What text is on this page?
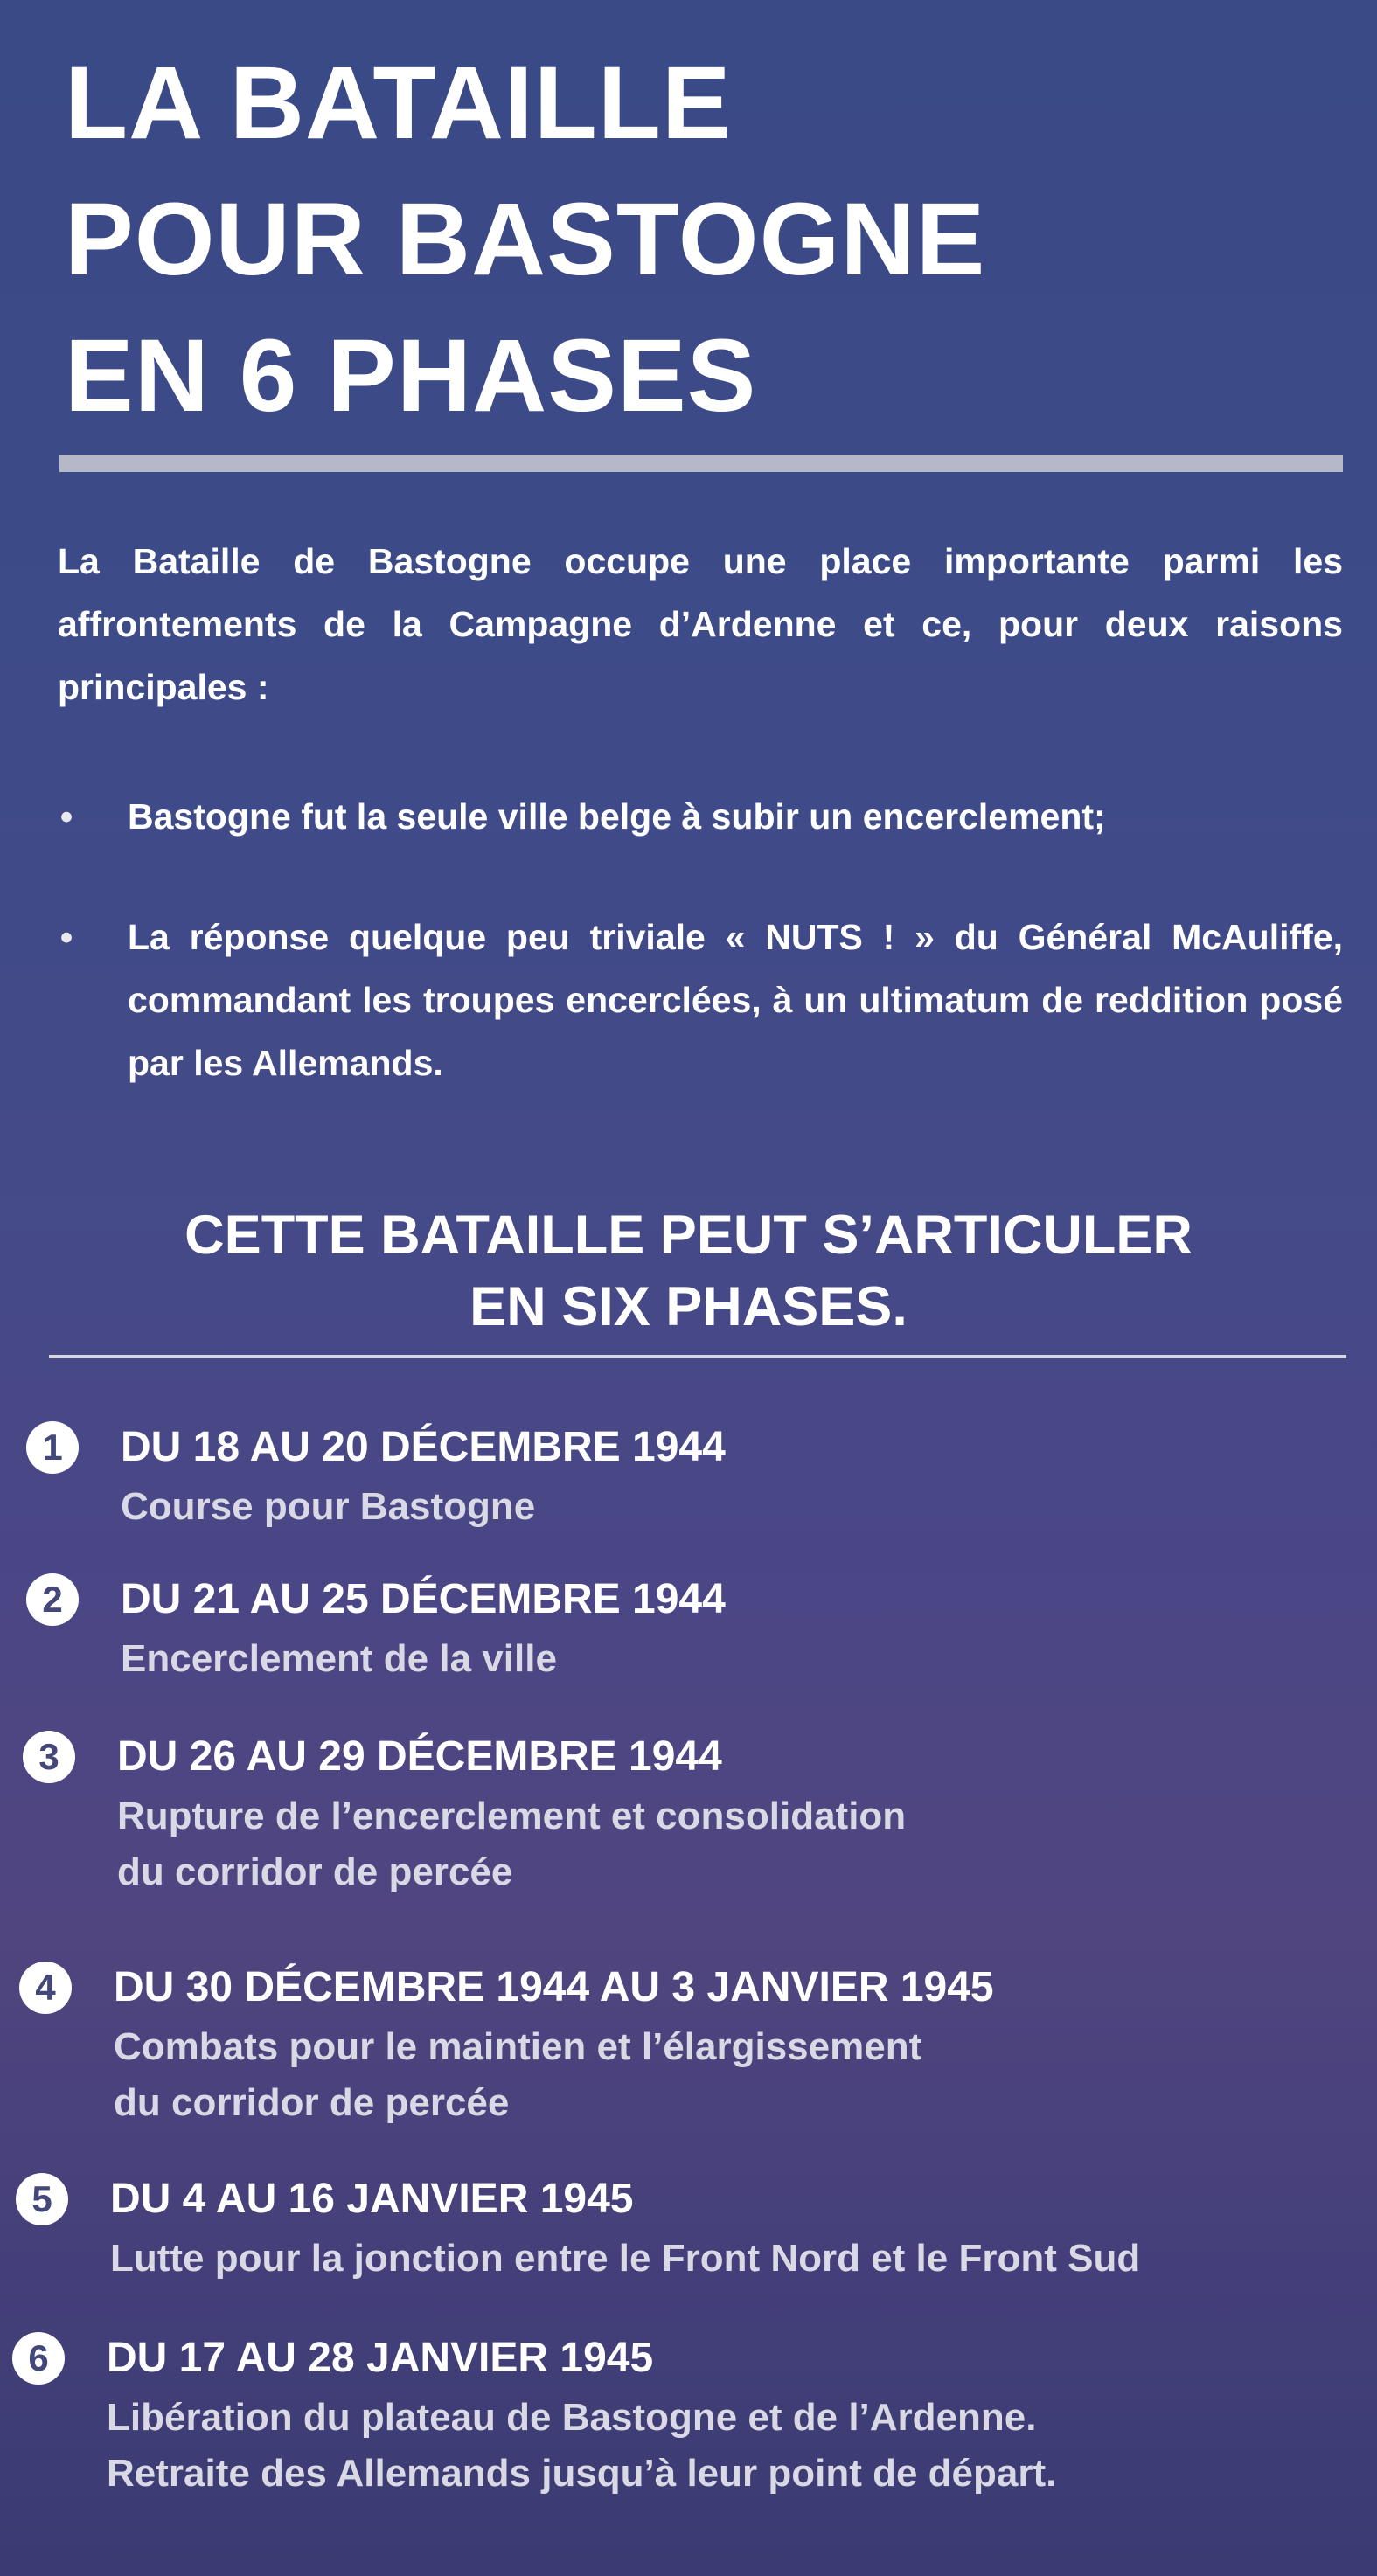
LA BATAILLE
POUR BASTOGNE
EN 6 PHASES

La Bataille de Bastogne occupe une place importante parmi les affrontements de la Campagne d’Ardenne et ce, pour deux raisons principales :

• Bastogne fut la seule ville belge à subir un encerclement;
• La réponse quelque peu triviale « NUTS ! » du Général McAuliffe, commandant les troupes encerclées, à un ultimatum de reddition posé par les Allemands.
CETTE BATAILLE PEUT S’ARTICULER
EN SIX PHASES.
1	DU 18 AU 20 DÉCEMBRE 1944
Course pour Bastogne
2	DU 21 AU 25 DÉCEMBRE 1944
Encerclement de la ville
3	DU 26 AU 29 DÉCEMBRE 1944
Rupture de l’encerclement et consolidation
du corridor de percée
4	DU 30 DÉCEMBRE 1944 AU 3 JANVIER 1945
Combats pour le maintien et l’élargissement
du corridor de percée
5	DU 4 AU 16 JANVIER 1945
Lutte pour la jonction entre le Front Nord et le Front Sud
6	DU 17 AU 28 JANVIER 1945
Libération du plateau de Bastogne et de l’Ardenne.
Retraite des Allemands jusqu’à leur point de départ.
